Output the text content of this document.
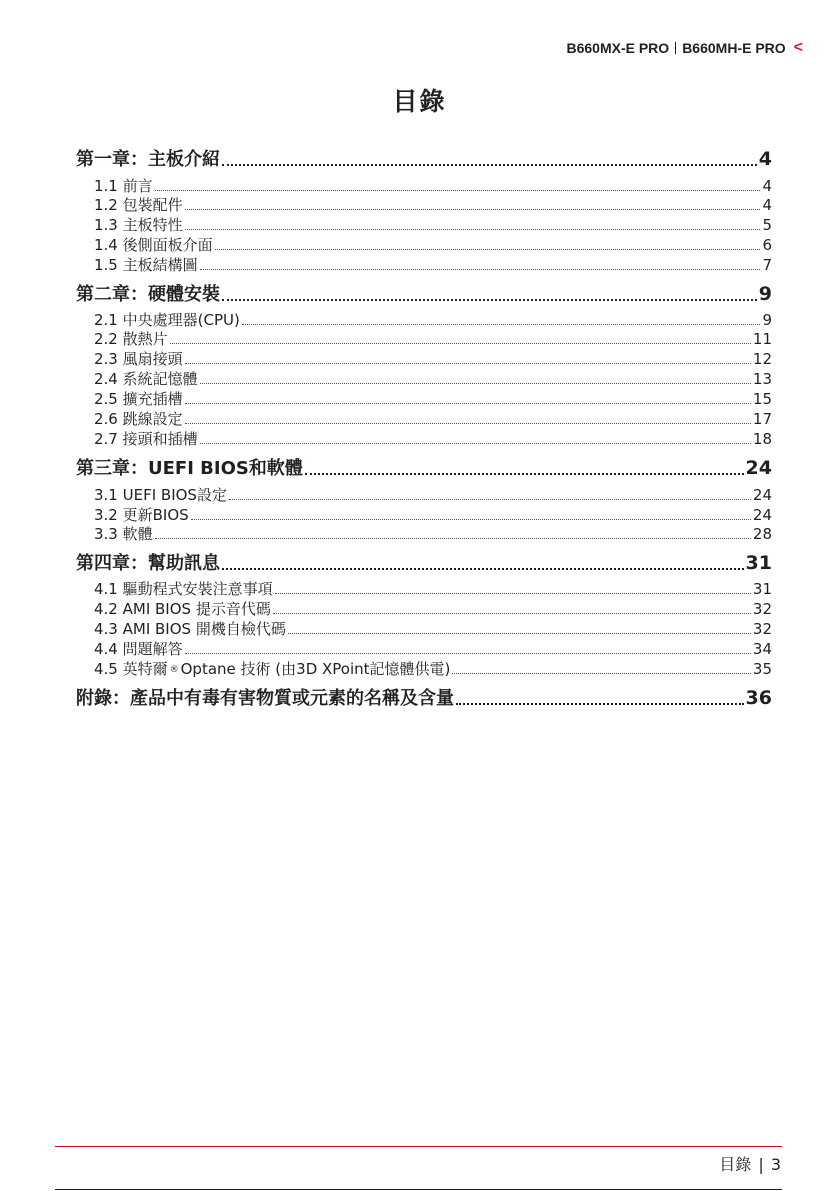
B660MX-E PRO B660MH-E PRO <
目錄
第一章：主板介紹	4
1.1 前言	4
1.2 包裝配件	4
1.3 主板特性	5
1.4 後側面板介面	6
1.5 主板結構圖	7
第二章：硬體安裝	9
2.1 中央處理器(CPU)	9
2.2 散熱片	11
2.3 風扇接頭	12
2.4 系統記憶體	13
2.5 擴充插槽	15
2.6 跳線設定	17
2.7 接頭和插槽	18
第三章：UEFI BIOS和軟體	24
3.1 UEFI BIOS設定	24
3.2 更新BIOS	24
3.3 軟體	28
第四章：幫助訊息	31
4.1 驅動程式安裝注意事項	31
4.2 AMI BIOS 提示音代碼	32
4.3 AMI BIOS 開機自檢代碼	32
4.4 問題解答	34
4.5 英特爾 ® Optane 技術 (由3D XPoint記憶體供電)	35
附錄：產品中有毒有害物質或元素的名稱及含量	36
目錄 | 3
